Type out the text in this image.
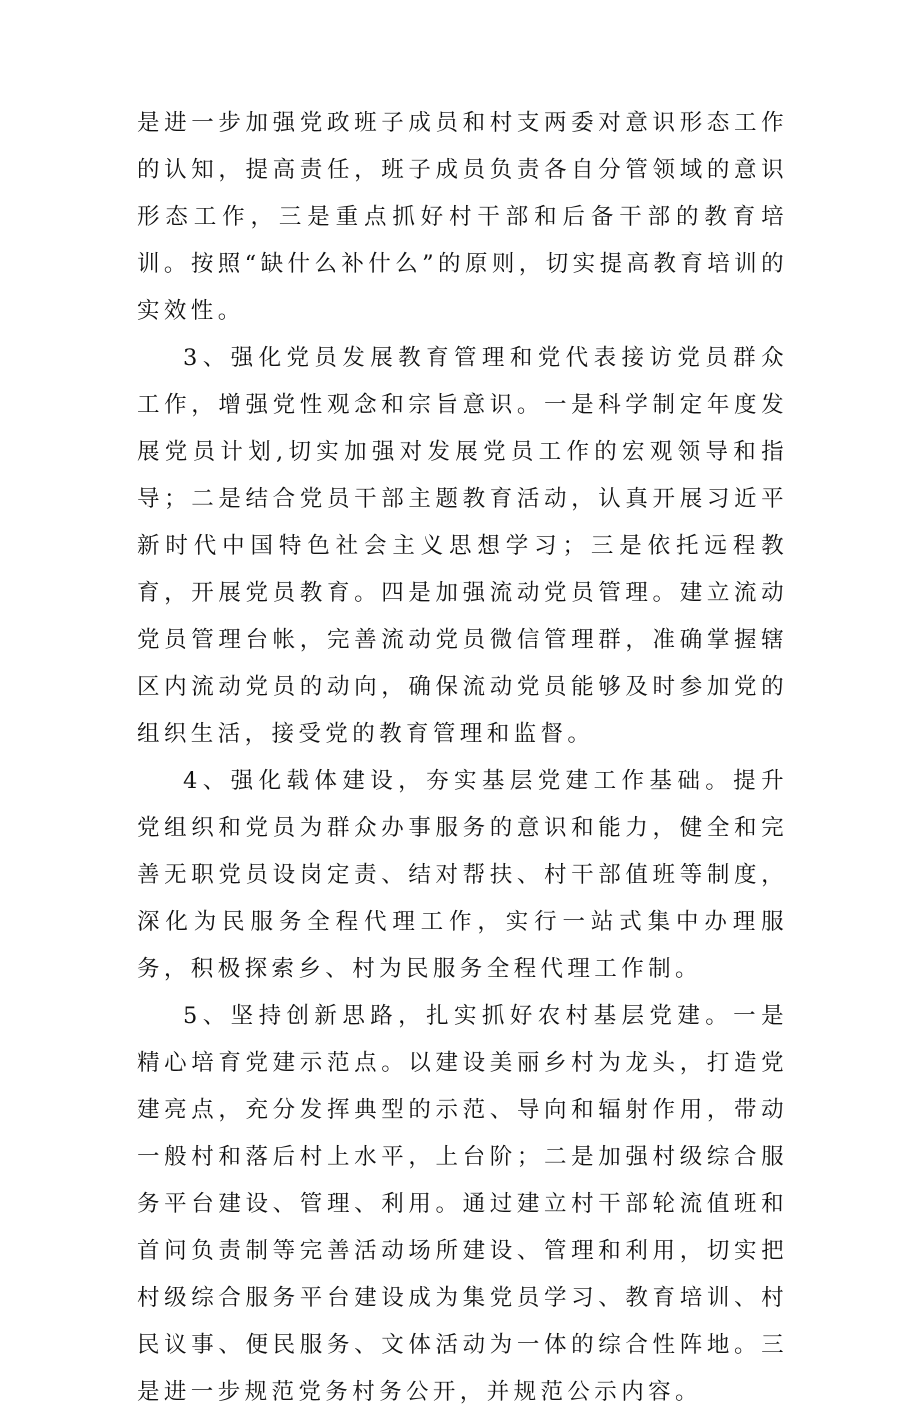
是进一步加强党政班子成员和村支两委对意识形态工作的认知，提高责任，班子成员负责各自分管领域的意识形态工作，三是重点抓好村干部和后备干部的教育培训。按照“缺什么补什么”的原则，切实提高教育培训的实效性。

3、强化党员发展教育管理和党代表接访党员群众工作，增强党性观念和宗旨意识。一是科学制定年度发展党员计划,切实加强对发展党员工作的宏观领导和指导；二是结合党员干部主题教育活动，认真开展习近平新时代中国特色社会主义思想学习；三是依托远程教育，开展党员教育。四是加强流动党员管理。建立流动党员管理台帐，完善流动党员微信管理群，准确掌握辖区内流动党员的动向，确保流动党员能够及时参加党的组织生活，接受党的教育管理和监督。

4、强化载体建设，夯实基层党建工作基础。提升党组织和党员为群众办事服务的意识和能力，健全和完善无职党员设岗定责、结对帮扶、村干部值班等制度，深化为民服务全程代理工作，实行一站式集中办理服务，积极探索乡、村为民服务全程代理工作制。

5、坚持创新思路，扎实抓好农村基层党建。一是精心培育党建示范点。以建设美丽乡村为龙头，打造党建亮点，充分发挥典型的示范、导向和辐射作用，带动一般村和落后村上水平，上台阶；二是加强村级综合服务平台建设、管理、利用。通过建立村干部轮流值班和首问负责制等完善活动场所建设、管理和利用，切实把村级综合服务平台建设成为集党员学习、教育培训、村民议事、便民服务、文体活动为一体的综合性阵地。三是进一步规范党务村务公开，并规范公示内容。
